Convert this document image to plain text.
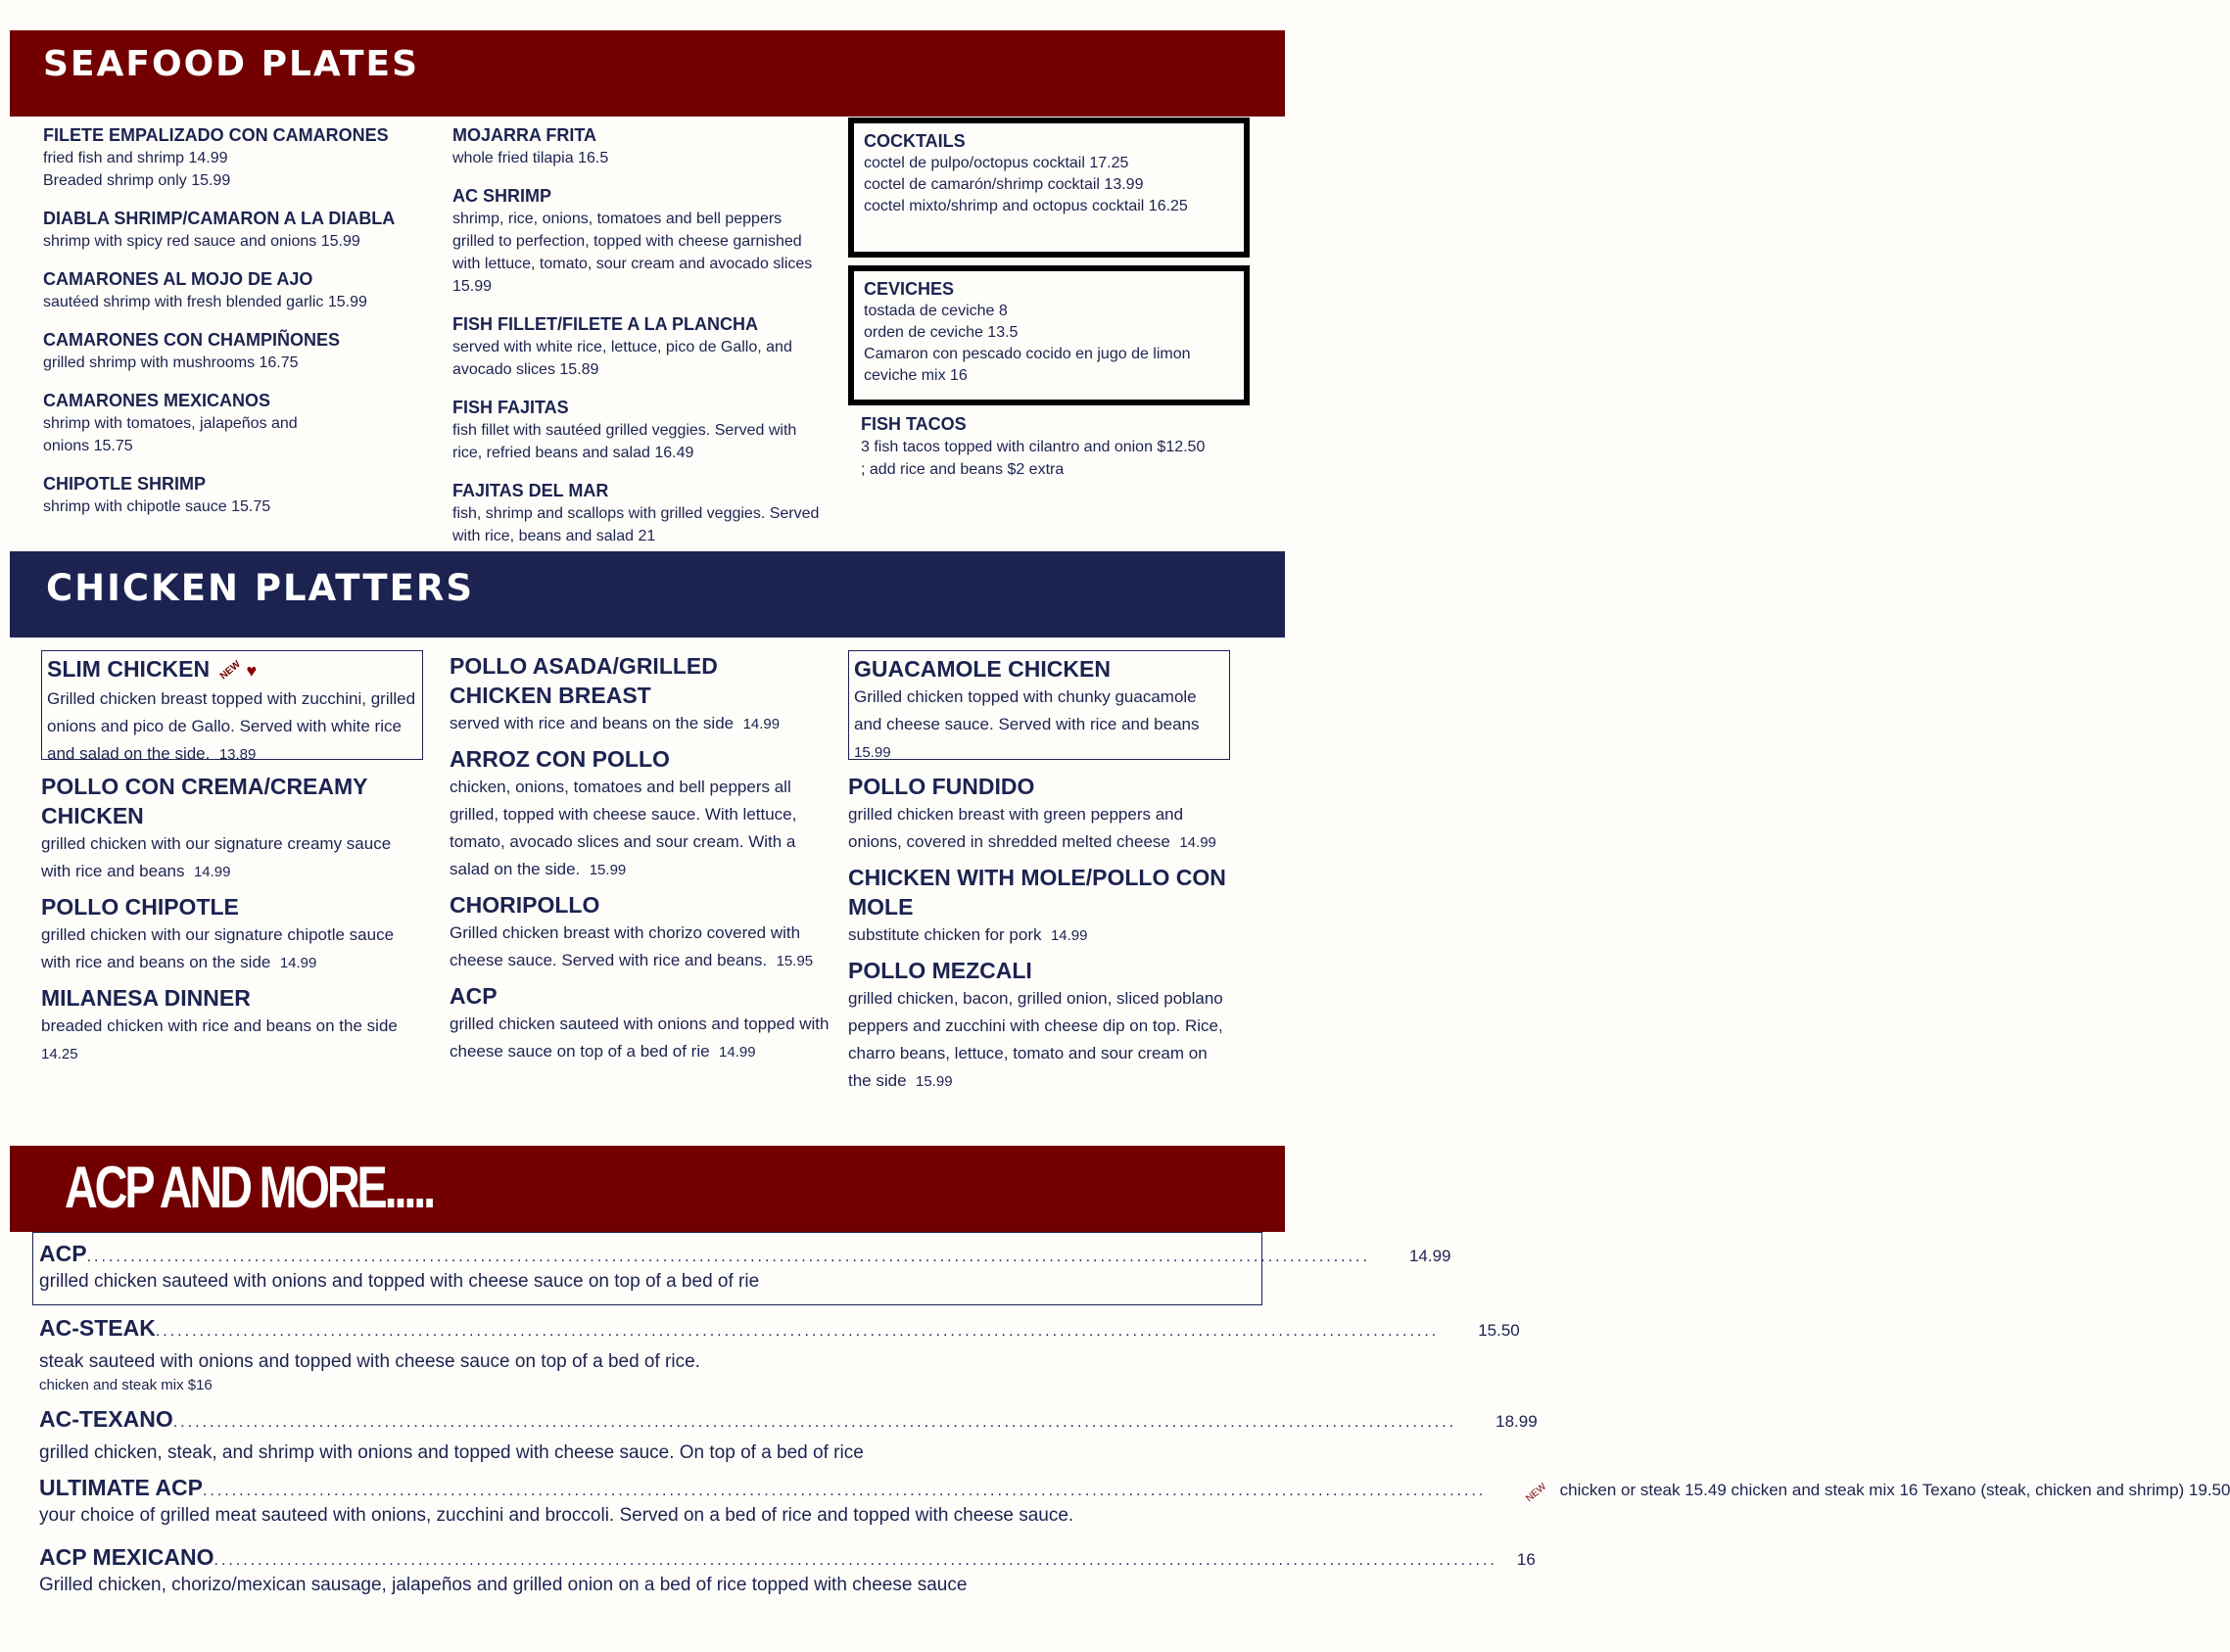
SEAFOOD PLATES
FILETE EMPALIZADO CON CAMARONES
fried fish and shrimp 14.99
Breaded shrimp only 15.99
DIABLA SHRIMP/CAMARON A LA DIABLA
shrimp with spicy red sauce and onions 15.99
CAMARONES AL MOJO DE AJO
sautéed shrimp with fresh blended garlic 15.99
CAMARONES CON CHAMPIÑONES
grilled shrimp with mushrooms 16.75
CAMARONES MEXICANOS
shrimp with tomatoes, jalapeños and onions 15.75
CHIPOTLE SHRIMP
shrimp with chipotle sauce 15.75
MOJARRA FRITA
whole fried tilapia 16.5
AC SHRIMP
shrimp, rice, onions, tomatoes and bell peppers grilled to perfection, topped with cheese garnished with lettuce, tomato, sour cream and avocado slices 15.99
FISH FILLET/FILETE A LA PLANCHA
served with white rice, lettuce, pico de Gallo, and avocado slices 15.89
FISH FAJITAS
fish fillet with sautéed grilled veggies. Served with rice, refried beans and salad 16.49
FAJITAS DEL MAR
fish, shrimp and scallops with grilled veggies. Served with rice, beans and salad 21
COCKTAILS
coctel de pulpo/octopus cocktail 17.25
coctel de camarón/shrimp cocktail 13.99
coctel mixto/shrimp and octopus cocktail 16.25
CEVICHES
tostada de ceviche 8
orden de ceviche 13.5
Camaron con pescado cocido en jugo de limon
ceviche mix 16
FISH TACOS
3 fish tacos topped with cilantro and onion $12.50 ; add rice and beans $2 extra
CHICKEN PLATTERS
SLIM CHICKEN NEW ♥
Grilled chicken breast topped with zucchini, grilled onions and pico de Gallo. Served with white rice and salad on the side. 13.89
POLLO CON CREMA/CREAMY CHICKEN
grilled chicken with our signature creamy sauce with rice and beans 14.99
POLLO CHIPOTLE
grilled chicken with our signature chipotle sauce with rice and beans on the side 14.99
MILANESA DINNER
breaded chicken with rice and beans on the side  14.25
POLLO ASADA/GRILLED CHICKEN BREAST
served with rice and beans on the side 14.99
ARROZ CON POLLO
chicken, onions, tomatoes and bell peppers all grilled, topped with cheese sauce. With lettuce, tomato, avocado slices and sour cream. With a salad on the side. 15.99
CHORIPOLLO
Grilled chicken breast with chorizo covered with cheese sauce. Served with rice and beans. 15.95
ACP
grilled chicken sauteed with onions and topped with cheese sauce on top of a bed of rie 14.99
GUACAMOLE CHICKEN
Grilled chicken topped with chunky guacamole and cheese sauce. Served with rice and beans  15.99
POLLO FUNDIDO
grilled chicken breast with green peppers and onions, covered in shredded melted cheese 14.99
CHICKEN WITH MOLE/POLLO CON MOLE
substitute chicken for pork 14.99
POLLO MEZCALI
grilled chicken, bacon, grilled onion, sliced poblano peppers and zucchini with cheese dip on top. Rice, charro beans, lettuce, tomato and sour cream on the side 15.99
ACP AND MORE.....
ACP ................................................................................................................................................................................ 14.99
grilled chicken sauteed with onions and topped with cheese sauce on top of a bed of rie
AC-STEAK ................................................................................................................................................................................ 15.50
steak sauteed with onions and topped with cheese sauce on top of a bed of rice.
chicken and steak mix $16
AC-TEXANO ................................................................................................................................................................................ 18.99
grilled chicken, steak, and shrimp with onions and topped with cheese sauce. On top of a bed of rice
ULTIMATE ACP ................................................................................................................................................................................	NEW chicken or steak 15.49 chicken and steak mix 16 Texano (steak, chicken and shrimp) 19.50
your choice of grilled meat sauteed with onions, zucchini and broccoli. Served on a bed of rice and topped with cheese sauce.
ACP MEXICANO ................................................................................................................................................................................ 16
Grilled chicken, chorizo/mexican sausage, jalapeños and grilled onion on a bed of rice topped with cheese sauce
